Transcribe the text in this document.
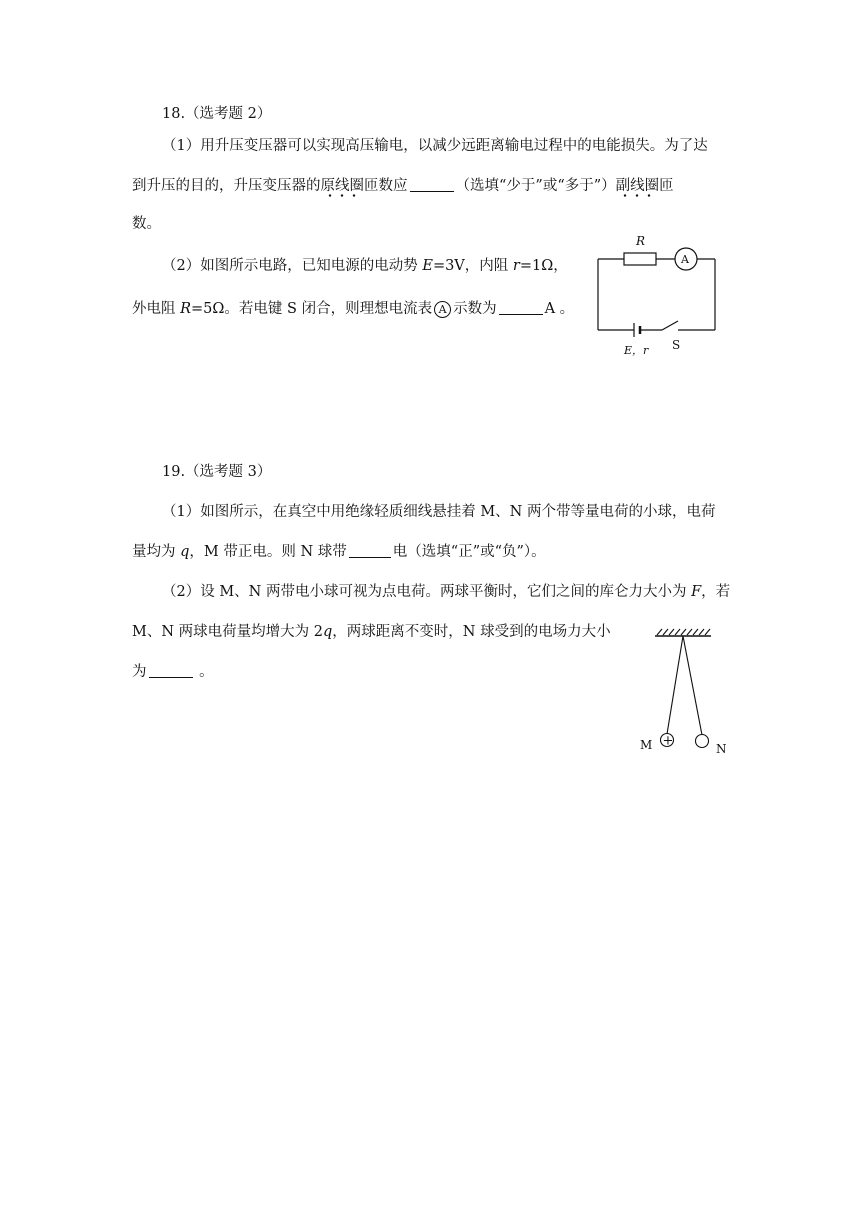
18.（选考题 2）
（1）用升压变压器可以实现高压输电，以减少远距离输电过程中的电能损失。为了达
到升压的目的，升压变压器的原线圈匝数应	（选填“少于”或“多于”）副线圈匝
数。
（2）如图所示电路，已知电源的电动势 E=3V，内阻 r=1Ω，
外电阻 R=5Ω。若电键 S 闭合，则理想电流表 A 示数为	A 。
R
A
E，r S
19.（选考题 3）
（1）如图所示，在真空中用绝缘轻质细线悬挂着 M、N 两个带等量电荷的小球，电荷
量均为 q，M 带正电。则 N 球带	电（选填“正”或“负”）。
（2）设 M、N 两带电小球可视为点电荷。两球平衡时，它们之间的库仑力大小为 F，若
M、N 两球电荷量均增大为 2q，两球距离不变时，N 球受到的电场力大小
为	。
+
M	N
